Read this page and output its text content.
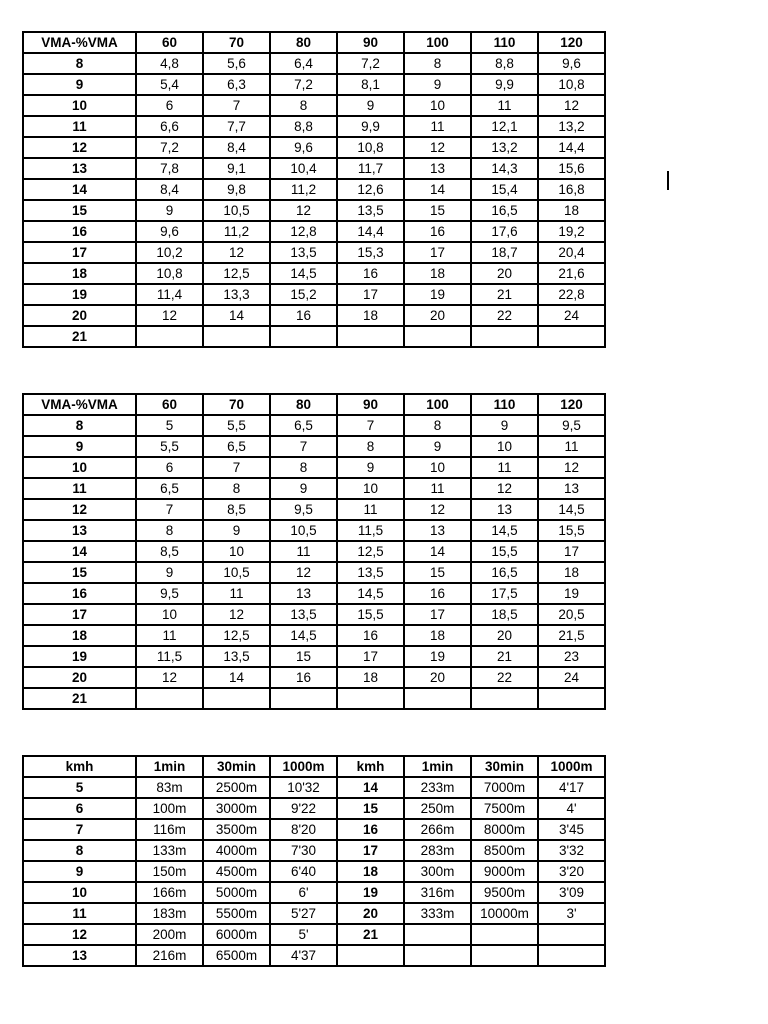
VMA-%VMA	60	70	80	90	100	110	120
8	4,8	5,6	6,4	7,2	8	8,8	9,6
9	5,4	6,3	7,2	8,1	9	9,9	10,8
10	6	7	8	9	10	11	12
11	6,6	7,7	8,8	9,9	11	12,1	13,2
12	7,2	8,4	9,6	10,8	12	13,2	14,4
13	7,8	9,1	10,4	11,7	13	14,3	15,6
14	8,4	9,8	11,2	12,6	14	15,4	16,8
15	9	10,5	12	13,5	15	16,5	18
16	9,6	11,2	12,8	14,4	16	17,6	19,2
17	10,2	12	13,5	15,3	17	18,7	20,4
18	10,8	12,5	14,5	16	18	20	21,6
19	11,4	13,3	15,2	17	19	21	22,8
20	12	14	16	18	20	22	24
21							
VMA-%VMA	60	70	80	90	100	110	120
8	5	5,5	6,5	7	8	9	9,5
9	5,5	6,5	7	8	9	10	11
10	6	7	8	9	10	11	12
11	6,5	8	9	10	11	12	13
12	7	8,5	9,5	11	12	13	14,5
13	8	9	10,5	11,5	13	14,5	15,5
14	8,5	10	11	12,5	14	15,5	17
15	9	10,5	12	13,5	15	16,5	18
16	9,5	11	13	14,5	16	17,5	19
17	10	12	13,5	15,5	17	18,5	20,5
18	11	12,5	14,5	16	18	20	21,5
19	11,5	13,5	15	17	19	21	23
20	12	14	16	18	20	22	24
21							
kmh	1min	30min	1000m	kmh	1min	30min	1000m
5	83m	2500m	10'32	14	233m	7000m	4'17
6	100m	3000m	9'22	15	250m	7500m	4'
7	116m	3500m	8'20	16	266m	8000m	3'45
8	133m	4000m	7'30	17	283m	8500m	3'32
9	150m	4500m	6'40	18	300m	9000m	3'20
10	166m	5000m	6'	19	316m	9500m	3'09
11	183m	5500m	5'27	20	333m	10000m	3'
12	200m	6000m	5'	21			
13	216m	6500m	4'37				
